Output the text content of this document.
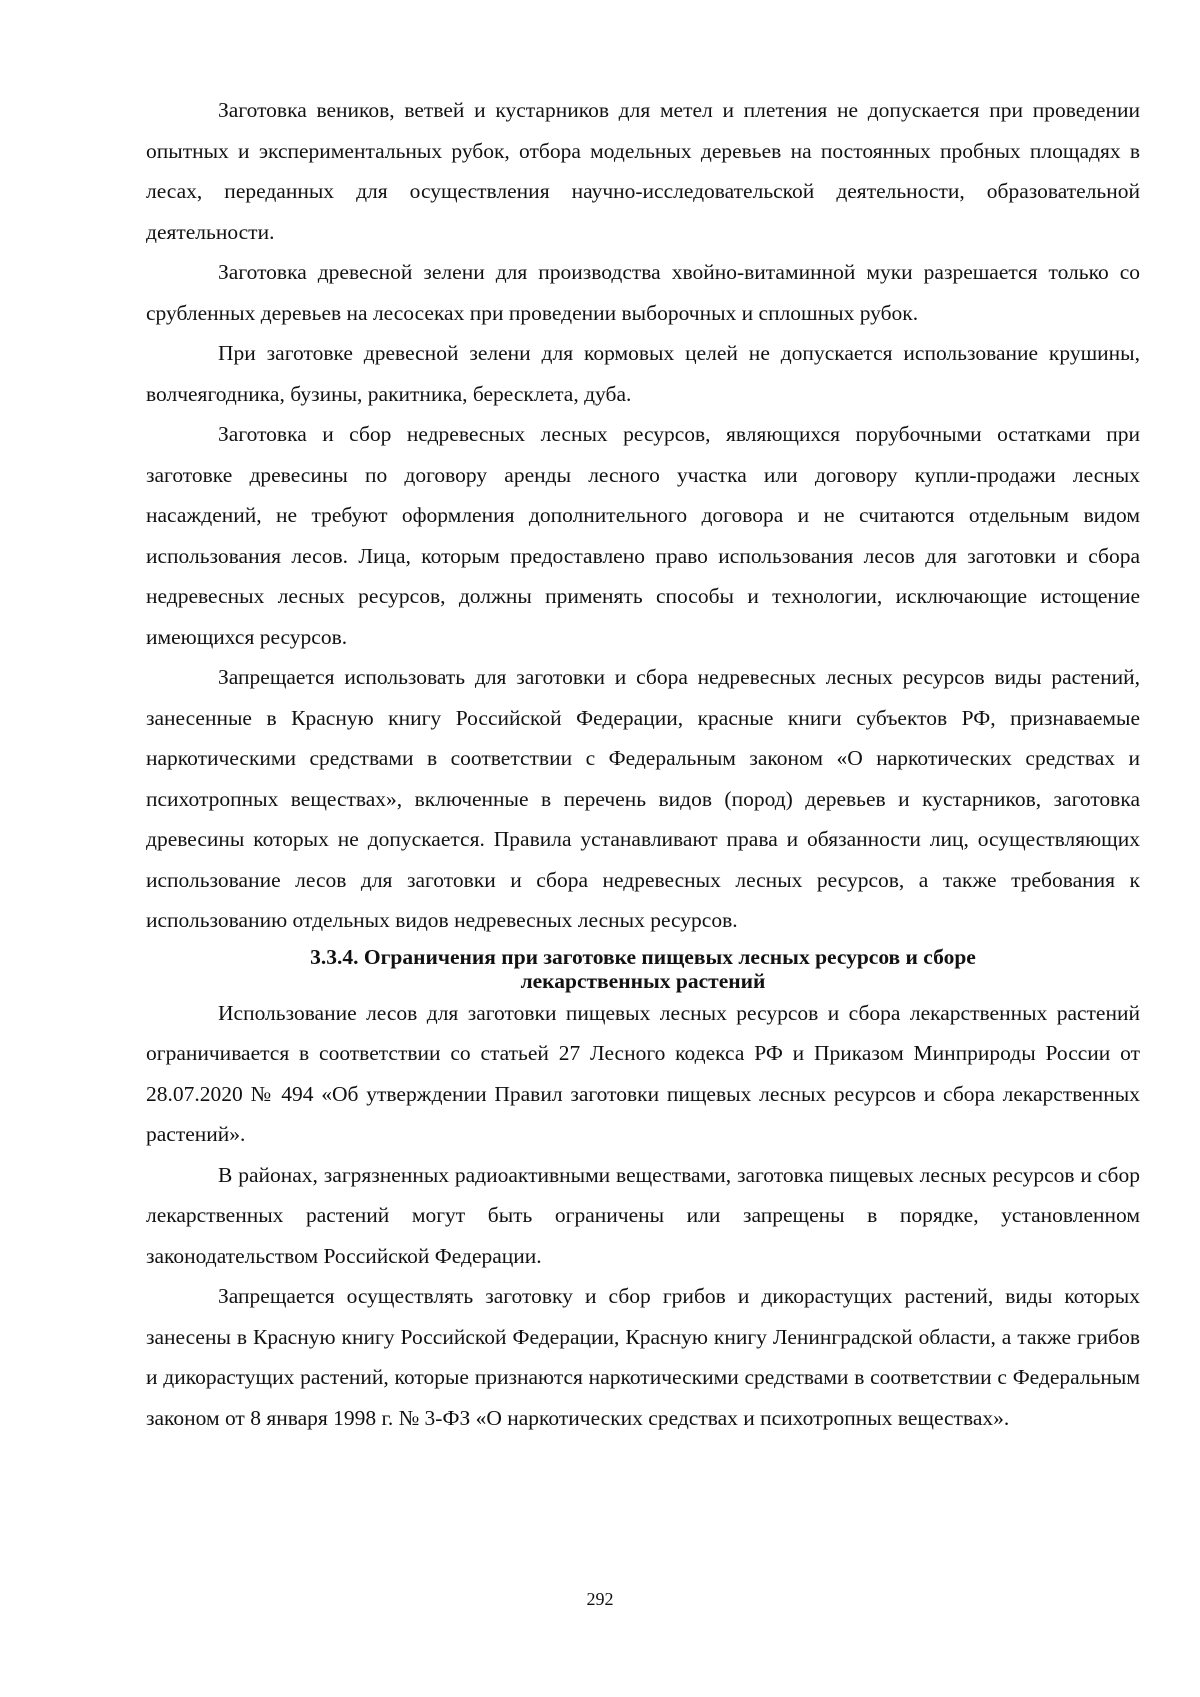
Заготовка веников, ветвей и кустарников для метел и плетения не допускается при проведении опытных и экспериментальных рубок, отбора модельных деревьев на постоянных пробных площадях в лесах, переданных для осуществления научно-исследовательской деятельности, образовательной деятельности.

Заготовка древесной зелени для производства хвойно-витаминной муки разрешается только со срубленных деревьев на лесосеках при проведении выборочных и сплошных рубок.

При заготовке древесной зелени для кормовых целей не допускается использование крушины, волчеягодника, бузины, ракитника, бересклета, дуба.

Заготовка и сбор недревесных лесных ресурсов, являющихся порубочными остатками при заготовке древесины по договору аренды лесного участка или договору купли-продажи лесных насаждений, не требуют оформления дополнительного договора и не считаются отдельным видом использования лесов. Лица, которым предоставлено право использования лесов для заготовки и сбора недревесных лесных ресурсов, должны применять способы и технологии, исключающие истощение имеющихся ресурсов.

Запрещается использовать для заготовки и сбора недревесных лесных ресурсов виды растений, занесенные в Красную книгу Российской Федерации, красные книги субъектов РФ, признаваемые наркотическими средствами в соответствии с Федеральным законом «О наркотических средствах и психотропных веществах», включенные в перечень видов (пород) деревьев и кустарников, заготовка древесины которых не допускается. Правила устанавливают права и обязанности лиц, осуществляющих использование лесов для заготовки и сбора недревесных лесных ресурсов, а также требования к использованию отдельных видов недревесных лесных ресурсов.

3.3.4. Ограничения при заготовке пищевых лесных ресурсов и сборе
лекарственных растений

Использование лесов для заготовки пищевых лесных ресурсов и сбора лекарственных растений ограничивается в соответствии со статьей 27 Лесного кодекса РФ и Приказом Минприроды России от 28.07.2020 № 494 «Об утверждении Правил заготовки пищевых лесных ресурсов и сбора лекарственных растений».

В районах, загрязненных радиоактивными веществами, заготовка пищевых лесных ресурсов и сбор лекарственных растений могут быть ограничены или запрещены в порядке, установленном законодательством Российской Федерации.

Запрещается осуществлять заготовку и сбор грибов и дикорастущих растений, виды которых занесены в Красную книгу Российской Федерации, Красную книгу Ленинградской области, а также грибов и дикорастущих растений, которые признаются наркотическими средствами в соответствии с Федеральным законом от 8 января 1998 г. № 3-ФЗ «О наркотических средствах и психотропных веществах».

292
